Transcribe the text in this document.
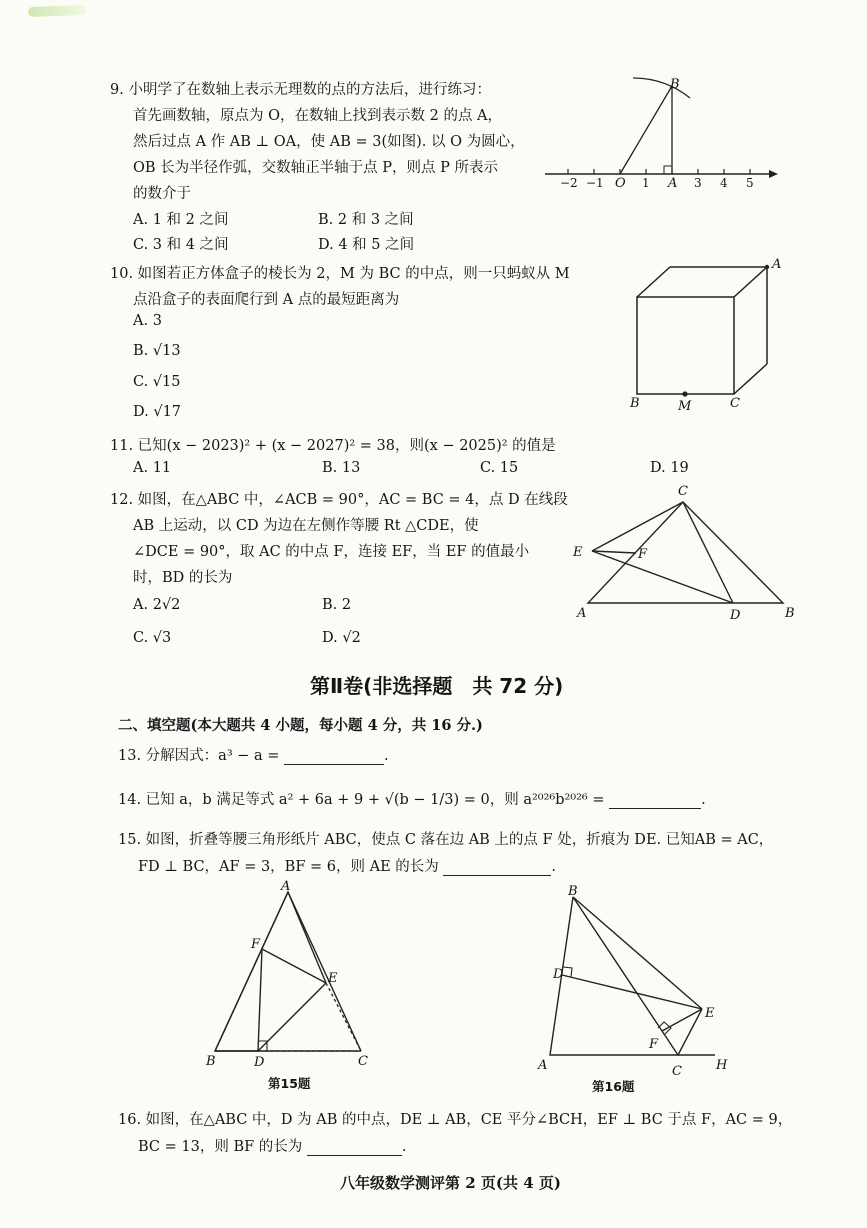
9. 小明学了在数轴上表示无理数的点的方法后，进行练习：
首先画数轴，原点为 O，在数轴上找到表示数 2 的点 A，
然后过点 A 作 AB ⊥ OA，使 AB = 3(如图). 以 O 为圆心，
OB 长为半径作弧，交数轴正半轴于点 P，则点 P 所表示
的数介于
A. 1 和 2 之间	B. 2 和 3 之间
C. 3 和 4 之间	D. 4 和 5 之间
B
−2 −1 O 1 A 3 4 5
10. 如图若正方体盒子的棱长为 2，M 为 BC 的中点，则一只蚂蚁从 M
点沿盒子的表面爬行到 A 点的最短距离为
A. 3
B. √13
C. √15
D. √17
A
B	M	C
11. 已知(x − 2023)² + (x − 2027)² = 38，则(x − 2025)² 的值是
A. 11	B. 13	C. 15	D. 19
12. 如图，在△ABC 中，∠ACB = 90°，AC = BC = 4，点 D 在线段
AB 上运动，以 CD 为边在左侧作等腰 Rt △CDE，使
∠DCE = 90°，取 AC 的中点 F，连接 EF，当 EF 的值最小
时，BD 的长为
A. 2√2	B. 2
C. √3	D. √2
C
E	F
A	D	B
第Ⅱ卷(非选择题　共 72 分)
二、填空题(本大题共 4 小题，每小题 4 分，共 16 分.)
13. 分解因式：a³ − a =	.
14. 已知 a，b 满足等式 a² + 6a + 9 + √(b − 1/3) = 0，则 a²⁰²⁶b²⁰²⁶ =	.
15. 如图，折叠等腰三角形纸片 ABC，使点 C 落在边 AB 上的点 F 处，折痕为 DE. 已知AB = AC，
FD ⊥ BC，AF = 3，BF = 6，则 AE 的长为	.
A
F
E
B	D	C
第15题
B
D
E
F
A	C	H
第16题
16. 如图，在△ABC 中，D 为 AB 的中点，DE ⊥ AB，CE 平分∠BCH，EF ⊥ BC 于点 F，AC = 9，
BC = 13，则 BF 的长为	.
八年级数学测评第 2 页(共 4 页)
